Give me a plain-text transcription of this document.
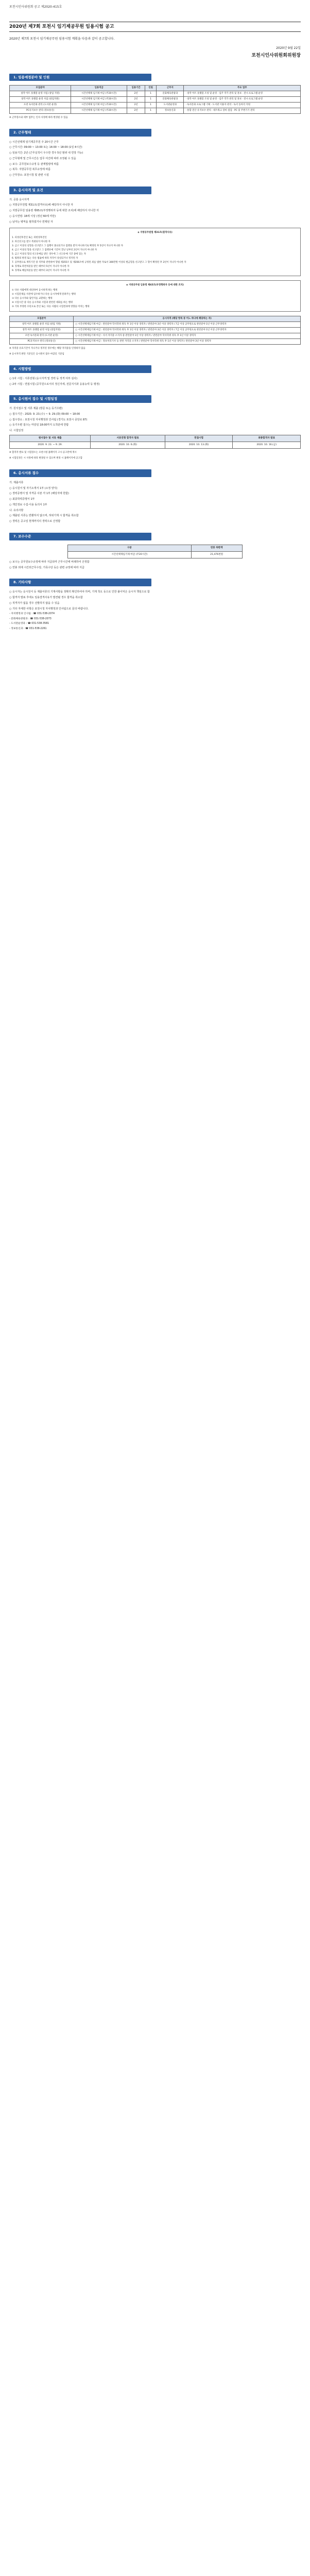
포천시인사위원회 공고 제2020-415호
2020년 제7회 포천시 임기제공무원 임용시험 공고
2020년 제7회 포천시 임기제공무원 임용시험 계획을 다음과 같이 공고합니다.
2020년 9월 22일
포천시인사위원회위원장
1. 임용예정분야 및 인원
모집분야	임용직급	임용기간	인원	근무지	주요 업무
창작 아트 플랫폼 운영 사업 (창업 지원)	시간선택제 임기제 마급 (주20시간)	2년	1	문화체육관광과	· 창작 아트 플랫폼 조성 및 운영 · 입주 작가 관리 및 홍보 · 전시·프로그램 운영
창작 아트 플랫폼 운영 사업 (창업지원)	시간선택제 임기제 마급 (주20시간)	2년	1	문화체육관광과	· 창작 아트 플랫폼 조성 및 운영 · 입주 작가 관리 및 홍보 · 전시·프로그램 운영
포천 독서문화 관리 (도서관 운영)	시간선택제 임기제 마급 (주20시간)	2년	1	도서관운영과	· 독서문화 프로그램 기획 · 도서관 이용자 관리 · 독서 동아리 지원
PC유지보수 관리 (정보통신)	시간선택제 임기제 마급 (주20시간)	2년	1	정보통신과	· 통합 전산 유지보수 관리 · 네트워크 장비 점검 · PC 및 주변기기 관리

※ 근무장소와 세부 업무는 인사 사정에 따라 변경될 수 있음

2. 근무형태

○ 시간선택제 임기제공무원 주 20시간 근무

○ 근무시간: 09:00 ~ 13:00 또는 14:00 ~ 18:00 (1일 4시간)

○ 임용기간: 2년 (근무실적이 우수한 경우 5년 범위 내 연장 가능)

○ 근무형태 및 근무시간은 업무 여건에 따라 조정될 수 있음

○ 보수: 공무원보수규정 등 관계법령에 따름

○ 복무: 지방공무원 복무규정에 따름

○ 근무장소: 포천시청 및 관련 시설

3. 응시자격 및 요건

가. 공통 응시자격

○ 지방공무원법 제31조(결격사유)에 해당하지 아니한 자

○ 지방공무원 임용령 제65조(부정행위자 등에 대한 조치)에 해당하지 아니한 자

○ 응시연령: 18세 이상 (정년 60세 미만)

○ 남자는 병역을 필하였거나 면제된 자

◈ 지방공무원법 제31조(결격사유)

1. 피성년후견인 또는 피한정후견인

2. 파산선고를 받고 복권되지 아니한 자

3. 금고 이상의 실형을 선고받고 그 집행이 종료되거나 집행을 받지 아니하기로 확정된 후 5년이 지나지 아니한 자

4. 금고 이상의 형을 선고받고 그 집행유예 기간이 끝난 날부터 2년이 지나지 아니한 자

5. 금고 이상의 형의 선고유예를 받은 경우에 그 선고유예 기간 중에 있는 자

6. 법원의 판결 또는 다른 법률에 따라 자격이 상실되거나 정지된 자

7. 공무원으로 재직기간 중 직무와 관련하여 형법 제355조 및 제356조에 규정된 죄를 범한 자로서 300만원 이상의 벌금형을 선고받고 그 형이 확정된 후 2년이 지나지 아니한 자

8. 징계로 파면처분을 받은 때부터 5년이 지나지 아니한 자

9. 징계로 해임처분을 받은 때부터 3년이 지나지 아니한 자

◈ 지방공무원 임용령 제65조(부정행위자 등에 대한 조치)

① 다른 사람에게 대신하여 응시하게 하는 행위

② 시험문제를 사전에 입수하거나 다른 응시자에게 알려주는 행위

③ 다른 응시자와 답안지를 교환하는 행위

④ 시험시간 중 다른 응시자와 시험과 관련된 대화를 하는 행위

⑤ 기타 부정한 수단으로 본인 또는 다른 사람의 시험결과에 영향을 미치는 행위

모집분야	응시자격 (해당 항목 중 어느 하나에 해당하는 자)
창작 아트 플랫폼 운영 사업 (창업 지원)	○ 시간선택제임기제 마급 : 관련분야 학사학위 취득 후 1년 이상 경력자 / 관련분야 3년 이상 경력자 / 7급 이상 공무원으로 관련분야 1년 이상 근무경력자
창작 아트 플랫폼 운영 사업 (창업지원)	○ 시간선택제임기제 마급 : 관련분야 학사학위 취득 후 1년 이상 경력자 / 관련분야 3년 이상 경력자 / 7급 이상 공무원으로 관련분야 1년 이상 근무경력자
포천 독서문화 관리 (도서관 운영)	○ 시간선택제임기제 마급 : 사서 자격증 소지자 중 관련분야 1년 이상 경력자 / 관련분야 학사학위 취득 후 1년 이상 경력자
PC유지보수 관리 (정보통신)	○ 시간선택제임기제 마급 : 정보처리기사 등 관련 자격증 소지자 / 관련분야 학사학위 취득 후 1년 이상 경력자 / 관련분야 3년 이상 경력자

※ 자격증 유효기간이 지나거나 정지된 경우에는 해당 자격증을 인정하지 않음

※ 응시자격 판단 기준일은 응시원서 접수 마감일 기준임

4. 시험방법

○ 1차 시험 : 서류전형 (응시자격 및 경력 등 적격 여부 심사)

○ 2차 시험 : 면접시험 (공무원으로서의 정신자세, 전문지식과 응용능력 등 평정)

5. 응시원서 접수 및 시험일정

가. 원서접수 및 서류 제출 (방문 또는 등기우편)

○ 접수기간 : 2020. 9. 23.(수) ~ 9. 29.(화) 09:00 ~ 18:00

○ 접수장소 : 포천시청 자치행정과 인사팀 (경기도 포천시 중앙로 87)

○ 등기우편 접수는 마감일 18:00까지 도착분에 한함

나. 시험일정

원서접수 및 서류 제출	서류전형 합격자 발표	면접시험	최종합격자 발표
2020. 9. 23. ~ 9. 29.	2020. 10. 6.(화)	2020. 10. 13.(화)	2020. 10. 16.(금)

※ 합격자 발표 및 시험장소는 포천시청 홈페이지 고시·공고란에 게시

※ 시험일정은 시 사정에 따라 변경될 수 있으며 변경 시 홈페이지에 공고함

6. 응시서류 접수

가. 제출서류

○ 응시원서 및 자기소개서 1부 (소정 양식)

○ 경력증명서 및 자격증 사본 각 1부 (해당자에 한함)

○ 최종학력증명서 1부

○ 개인정보 수집·이용 동의서 1부

나. 유의사항

○ 제출된 서류는 반환하지 않으며, 허위기재 시 합격을 취소함

○ 경력은 공고일 현재까지의 경력으로 산정함

7. 보수수준
구분	연봉 하한액
시간선택제임기제 마급 (주20시간)	21,476천원

○ 보수는 공무원보수규정에 따라 지급되며 근무시간에 비례하여 산정함

○ 연봉 외에 시간외근무수당, 가족수당 등은 관련 규정에 따라 지급

8. 기타사항

○ 응시자는 응시원서 등 제출서류의 기재사항을 정확히 확인하여야 하며, 기재 착오 등으로 인한 불이익은 응시자 책임으로 함

○ 합격자 발표 후에도 임용결격사유가 발견될 경우 합격을 취소함

○ 적격자가 없을 경우 선발하지 않을 수 있음

○ 기타 자세한 사항은 포천시청 자치행정과 인사팀으로 문의 바랍니다.

- 자치행정과 인사팀 : ☎ 031-538-2074

- 문화체육관광과 : ☎ 031-538-2073

- 도서관운영과 : ☎ 031-538-3581

- 정보통신과 : ☎ 031-538-2261
